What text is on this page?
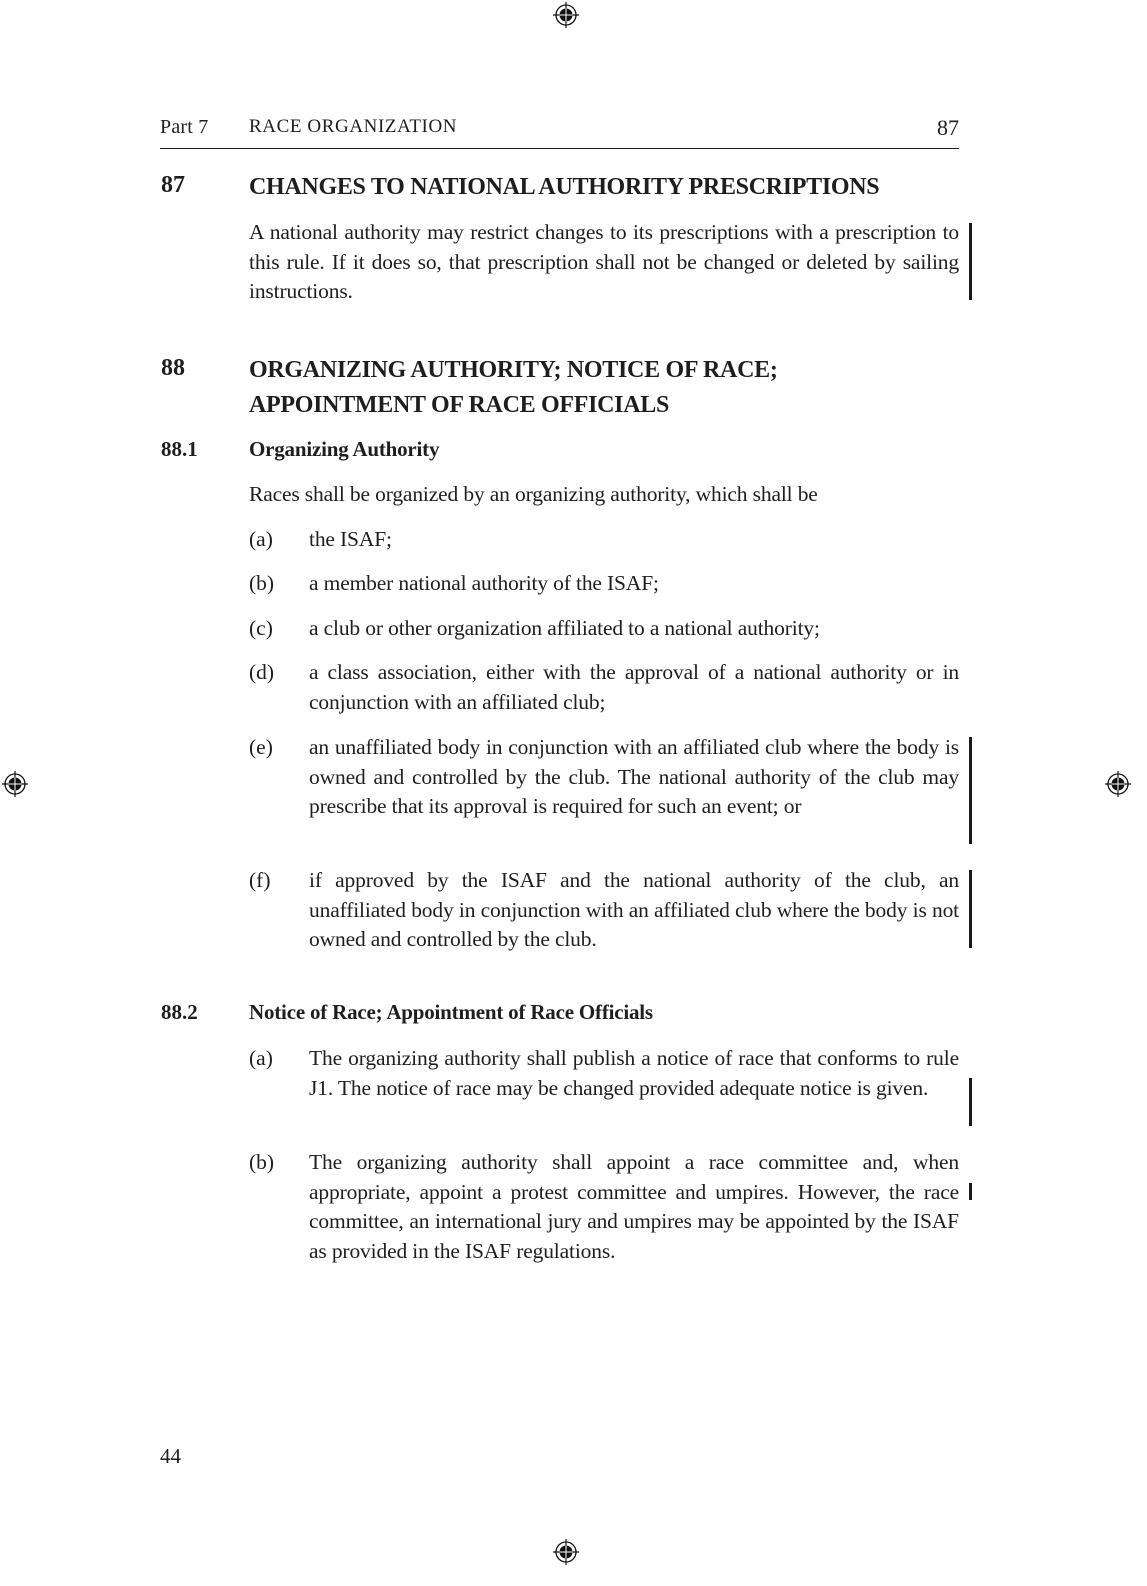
Part 7 RACE ORGANIZATION	87
87	CHANGES TO NATIONAL AUTHORITY PRESCRIPTIONS
A national authority may restrict changes to its prescriptions with a prescription to this rule. If it does so, that prescription shall not be changed or deleted by sailing instructions.
88	ORGANIZING AUTHORITY; NOTICE OF RACE;
APPOINTMENT OF RACE OFFICIALS
88.1 Organizing Authority
Races shall be organized by an organizing authority, which shall be
(a) the ISAF;
(b) a member national authority of the ISAF;
(c) a club or other organization affiliated to a national authority;
(d) a class association, either with the approval of a national authority or in conjunction with an affiliated club;
(e) an unaffiliated body in conjunction with an affiliated club where the body is owned and controlled by the club. The national authority of the club may prescribe that its approval is required for such an event; or
(f) if approved by the ISAF and the national authority of the club, an unaffiliated body in conjunction with an affiliated club where the body is not owned and controlled by the club.
88.2 Notice of Race; Appointment of Race Officials
(a) The organizing authority shall publish a notice of race that conforms to rule J1. The notice of race may be changed provided adequate notice is given.
(b) The organizing authority shall appoint a race committee and, when appropriate, appoint a protest committee and umpires. However, the race committee, an international jury and umpires may be appointed by the ISAF as provided in the ISAF regulations.
44
